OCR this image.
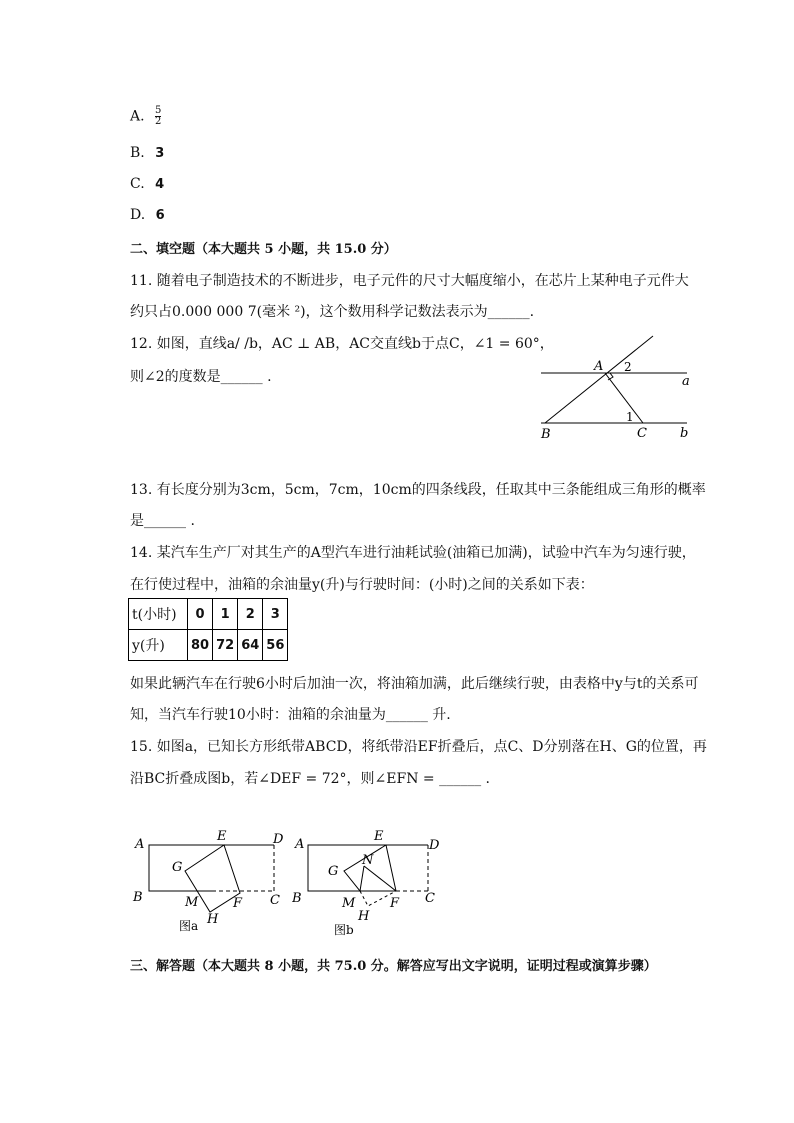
A. $\frac{5}{2}$
B. 3
C. 4
D. 6
二、填空题（本大题共 5 小题，共 15.0 分）
11. 随着电子制造技术的不断进步，电子元件的尺寸大幅度缩小，在芯片上某种电子元件大
约只占0.000 000 7(毫米 ²)，这个数用科学记数法表示为______.
12. 如图，直线a/ /b，AC ⊥ AB，AC交直线b于点C，∠1 = 60°，
则∠2的度数是______ .
A 2
a
1
B	C	b
13. 有长度分别为3cm，5cm，7cm，10cm的四条线段，任取其中三条能组成三角形的概率
是______ .
14. 某汽车生产厂对其生产的A型汽车进行油耗试验(油箱已加满)，试验中汽车为匀速行驶，
在行使过程中，油箱的余油量y(升)与行驶时间：(小时)之间的关系如下表：
t(小时)	0	1	2	3
y(升)	80	72	64	56
如果此辆汽车在行驶6小时后加油一次，将油箱加满，此后继续行驶，由表格中y与t的关系可
知，当汽车行驶10小时：油箱的余油量为______ 升.
15. 如图a，已知长方形纸带ABCD，将纸带沿EF折叠后，点C、D分别落在H、G的位置，再
沿BC折叠成图b，若∠DEF = 72°，则∠EFN = ______ .
A
E	D
G
B	M	F C
H
图a
A
E
D
N
G
B	M	F C
H
图b
三、解答题（本大题共 8 小题，共 75.0 分。解答应写出文字说明，证明过程或演算步骤）
